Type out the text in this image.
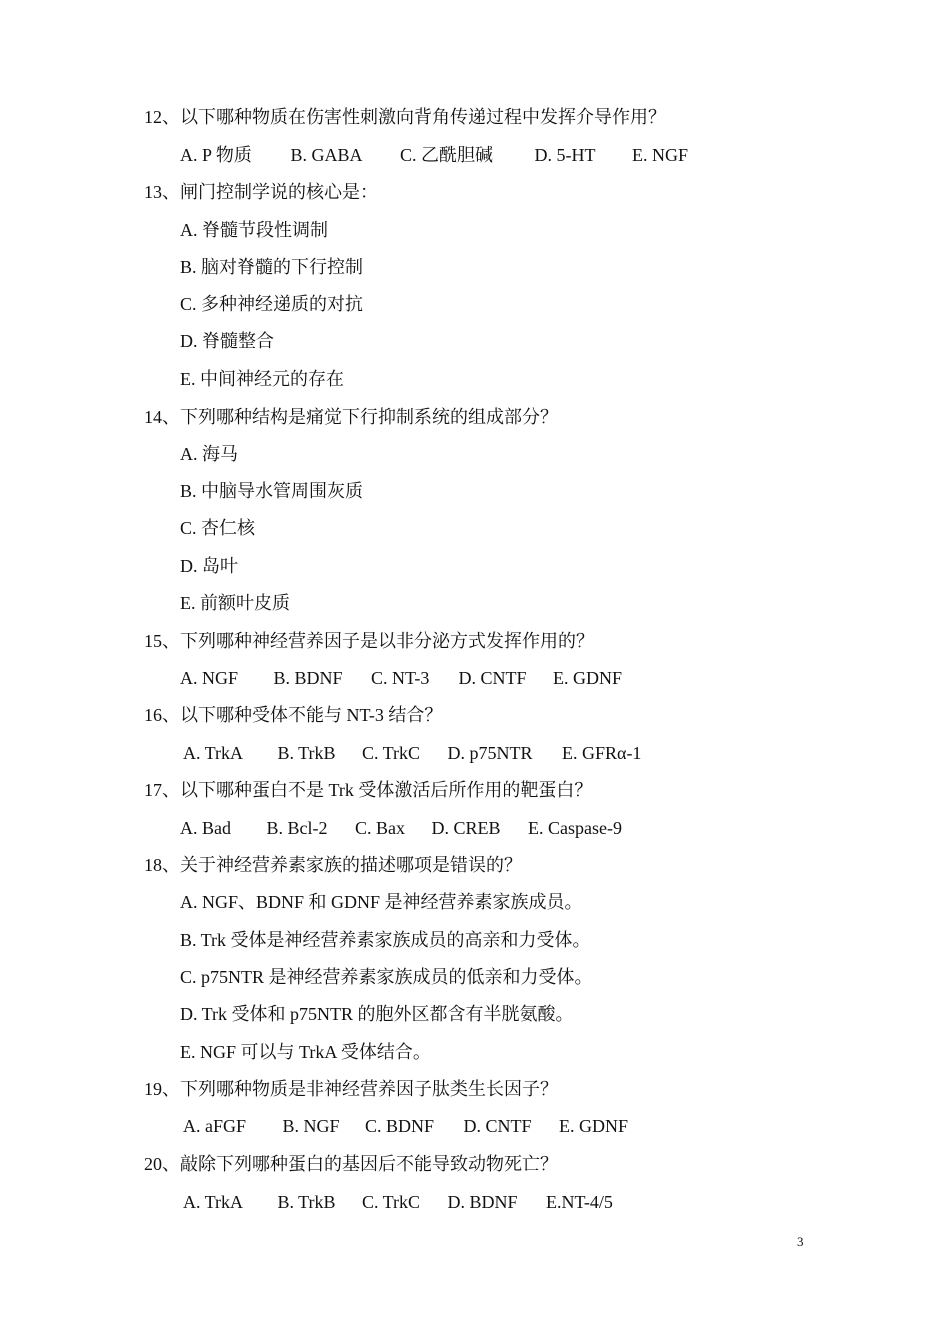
12、以下哪种物质在伤害性刺激向背角传递过程中发挥介导作用？
A. P 物质 B. GABA C. 乙酰胆碱 D. 5-HT E. NGF
13、闸门控制学说的核心是：
A. 脊髓节段性调制
B. 脑对脊髓的下行控制
C. 多种神经递质的对抗
D. 脊髓整合
E. 中间神经元的存在
14、下列哪种结构是痛觉下行抑制系统的组成部分？
A. 海马
B. 中脑导水管周围灰质
C. 杏仁核
D. 岛叶
E. 前额叶皮质
15、下列哪种神经营养因子是以非分泌方式发挥作用的？
A. NGF B. BDNF C. NT-3 D. CNTF E. GDNF
16、以下哪种受体不能与 NT-3 结合？
A. TrkA B. TrkB C. TrkC D. p75NTR E. GFRα-1
17、以下哪种蛋白不是 Trk 受体激活后所作用的靶蛋白？
A. Bad B. Bcl-2 C. Bax D. CREB E. Caspase-9
18、关于神经营养素家族的描述哪项是错误的？
A. NGF、BDNF 和 GDNF 是神经营养素家族成员。
B. Trk 受体是神经营养素家族成员的高亲和力受体。
C. p75NTR 是神经营养素家族成员的低亲和力受体。
D. Trk 受体和 p75NTR 的胞外区都含有半胱氨酸。
E. NGF 可以与 TrkA 受体结合。
19、下列哪种物质是非神经营养因子肽类生长因子？
A. aFGF B. NGF C. BDNF D. CNTF E. GDNF
20、敲除下列哪种蛋白的基因后不能导致动物死亡？
A. TrkA B. TrkB C. TrkC D. BDNF E.NT-4/5
3
